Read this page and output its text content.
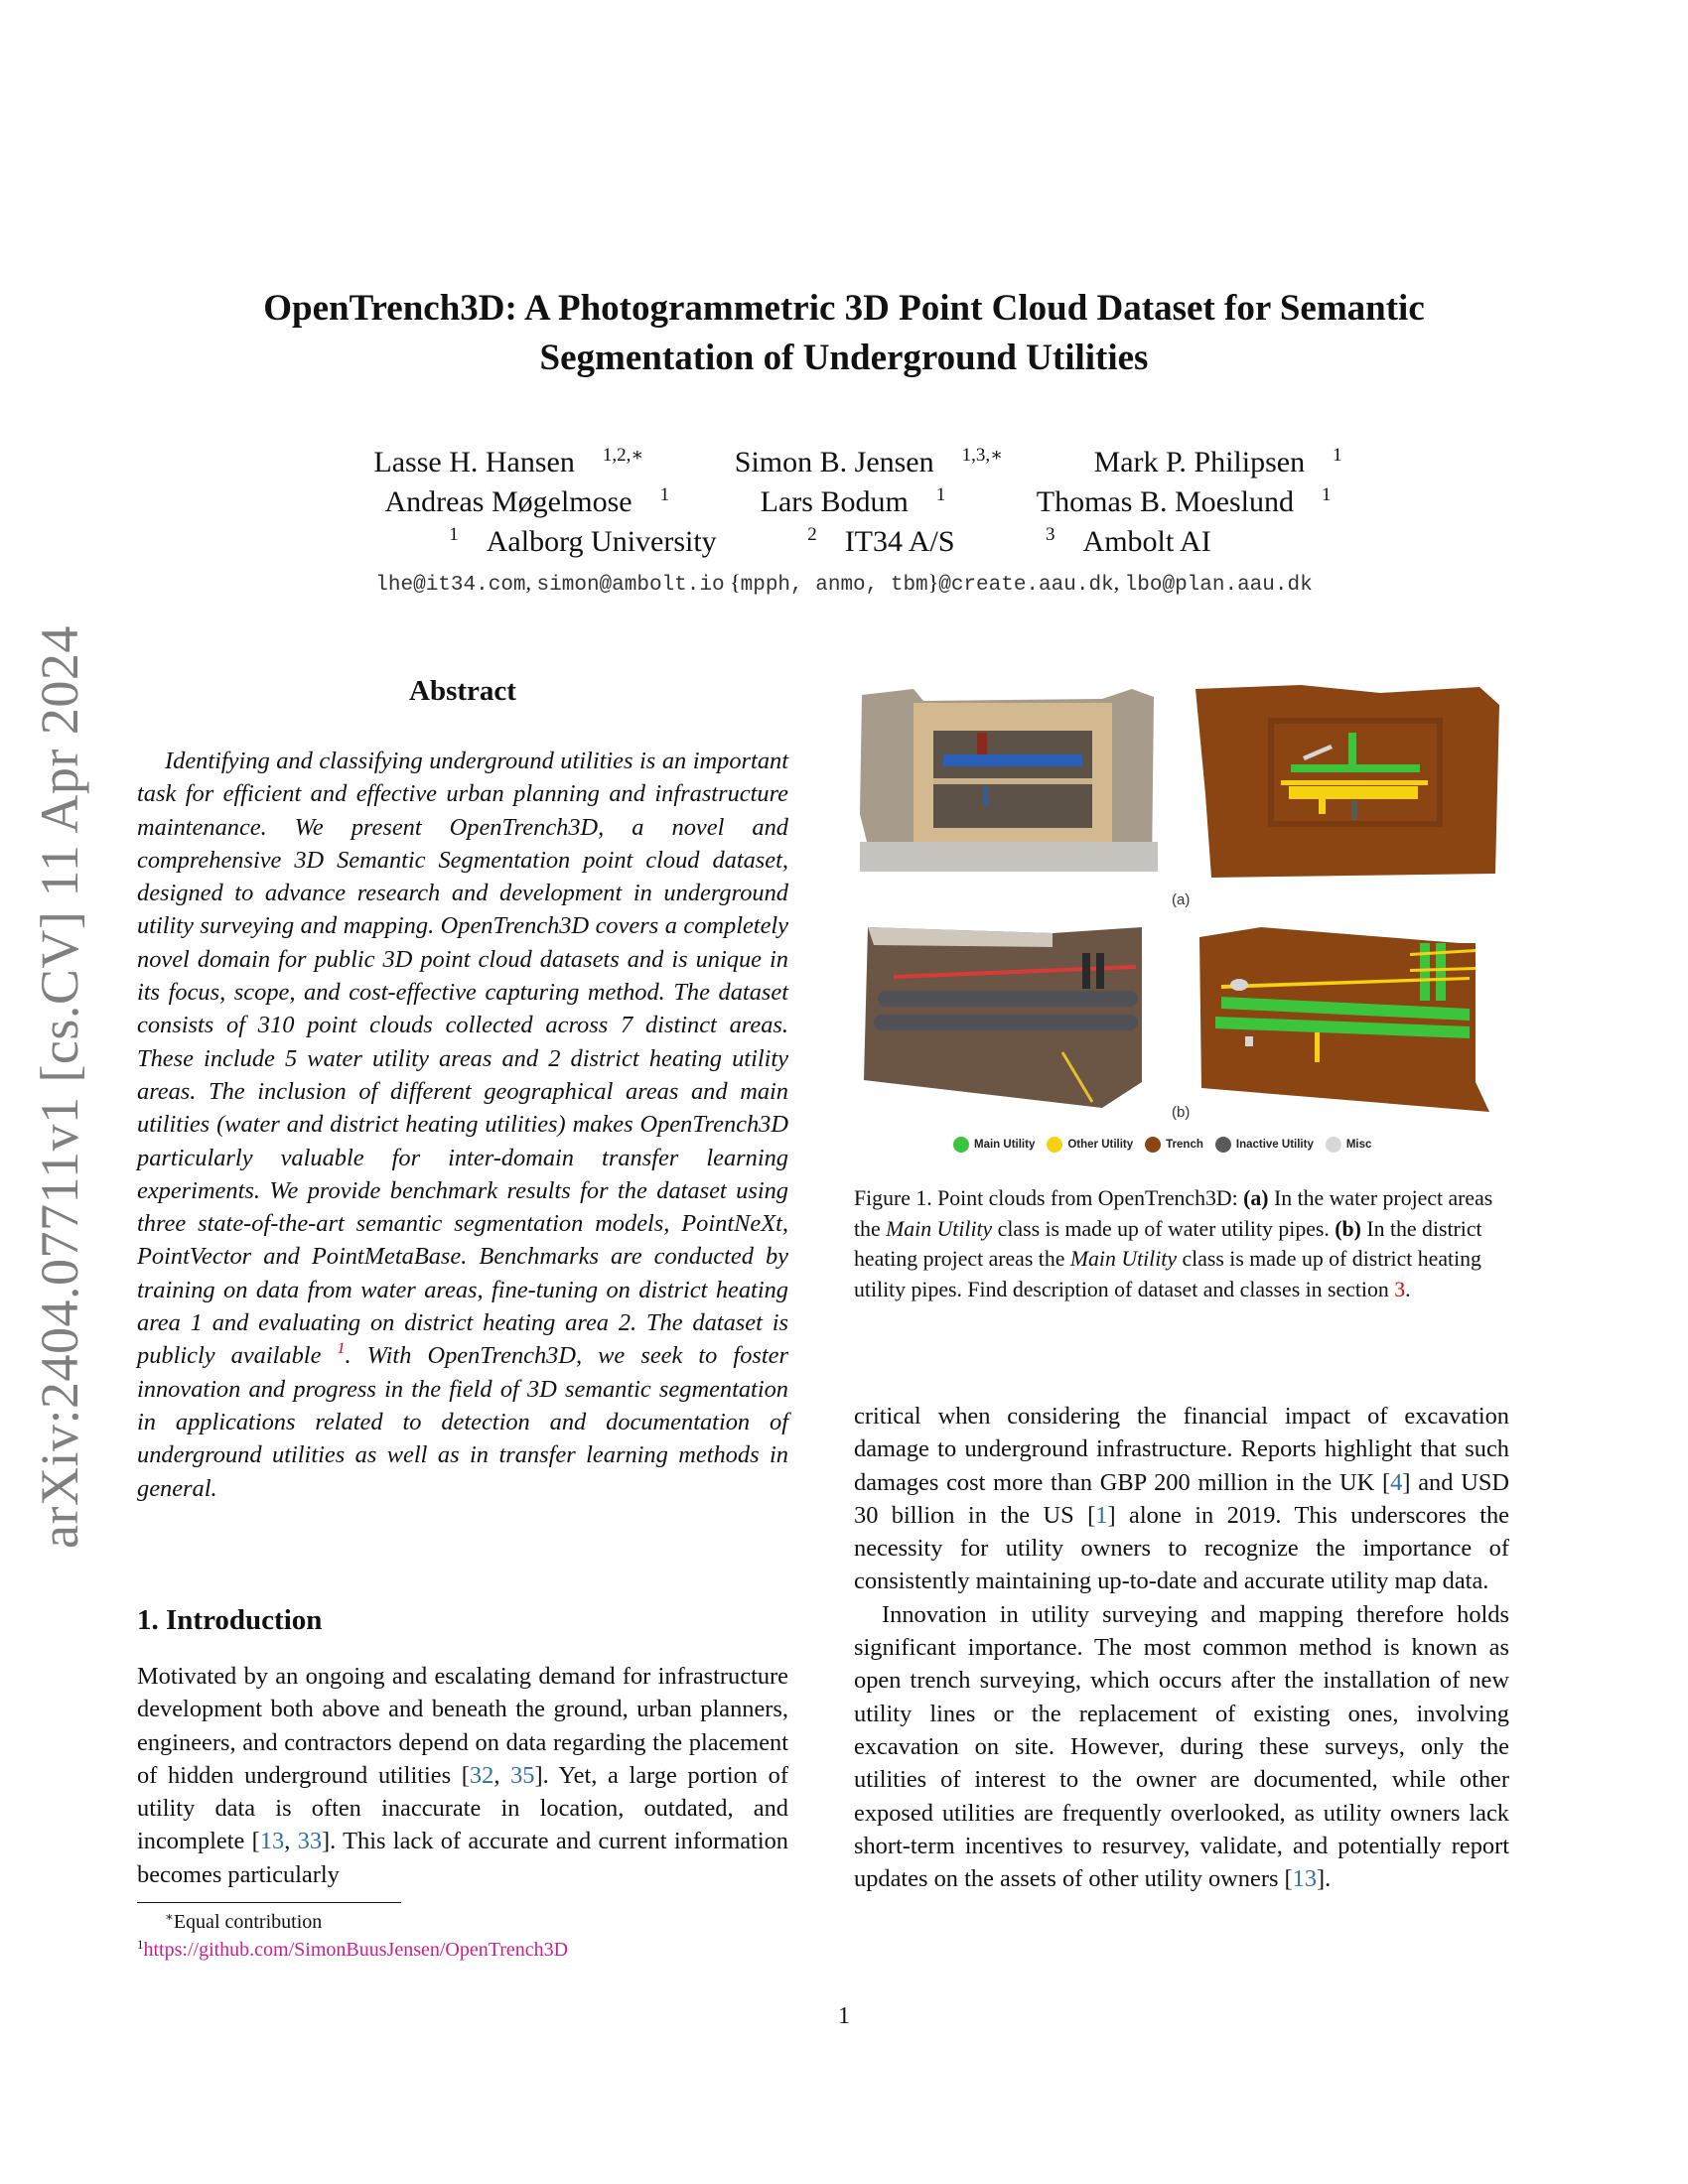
arXiv:2404.07711v1 [cs.CV] 11 Apr 2024
OpenTrench3D: A Photogrammetric 3D Point Cloud Dataset for Semantic
Segmentation of Underground Utilities
Lasse H. Hansen $^{1,2,∗}$	Simon B. Jensen $^{1,3,∗}$	Mark P. Philipsen $^1$
Andreas Møgelmose $^1$	Lars Bodum $^1$	Thomas B. Moeslund $^1$
$^1$ Aalborg University	$^2$ IT34 A/S	$^3$ Ambolt AI
lhe@it34.com, simon@ambolt.io {mpph, anmo, tbm}@create.aau.dk, lbo@plan.aau.dk
Abstract
Identifying and classifying underground utilities is an important task for efficient and effective urban planning and infrastructure maintenance. We present OpenTrench3D, a novel and comprehensive 3D Semantic Segmentation point cloud dataset, designed to advance research and development in underground utility surveying and mapping. OpenTrench3D covers a completely novel domain for public 3D point cloud datasets and is unique in its focus, scope, and cost-effective capturing method. The dataset consists of 310 point clouds collected across 7 distinct areas. These include 5 water utility areas and 2 district heating utility areas. The inclusion of different geographical areas and main utilities (water and district heating utilities) makes OpenTrench3D particularly valuable for inter-domain transfer learning experiments. We provide benchmark results for the dataset using three state-of-the-art semantic segmentation models, PointNeXt, PointVector and PointMetaBase. Benchmarks are conducted by training on data from water areas, fine-tuning on district heating area 1 and evaluating on district heating area 2. The dataset is publicly available $^1$. With OpenTrench3D, we seek to foster innovation and progress in the field of 3D semantic segmentation in applications related to detection and documentation of underground utilities as well as in transfer learning methods in general.
1. Introduction
Motivated by an ongoing and escalating demand for infrastructure development both above and beneath the ground, urban planners, engineers, and contractors depend on data regarding the placement of hidden underground utilities [32, 35]. Yet, a large portion of utility data is often inaccurate in location, outdated, and incomplete [13, 33]. This lack of accurate and current information becomes particularly
∗Equal contribution
$^1$https://github.com/SimonBuusJensen/OpenTrench3D
(a)
(b)
Main Utility	Other Utility	Trench	Inactive Utility	Misc
Figure 1. Point clouds from OpenTrench3D: (a) In the water project areas the Main Utility class is made up of water utility pipes. (b) In the district heating project areas the Main Utility class is made up of district heating utility pipes. Find description of dataset and classes in section 3.
critical when considering the financial impact of excavation damage to underground infrastructure. Reports highlight that such damages cost more than GBP 200 million in the UK [4] and USD 30 billion in the US [1] alone in 2019. This underscores the necessity for utility owners to recognize the importance of consistently maintaining up-to-date and accurate utility map data.
Innovation in utility surveying and mapping therefore holds significant importance. The most common method is known as open trench surveying, which occurs after the installation of new utility lines or the replacement of existing ones, involving excavation on site. However, during these surveys, only the utilities of interest to the owner are documented, while other exposed utilities are frequently overlooked, as utility owners lack short-term incentives to resurvey, validate, and potentially report updates on the assets of other utility owners [13].
1
